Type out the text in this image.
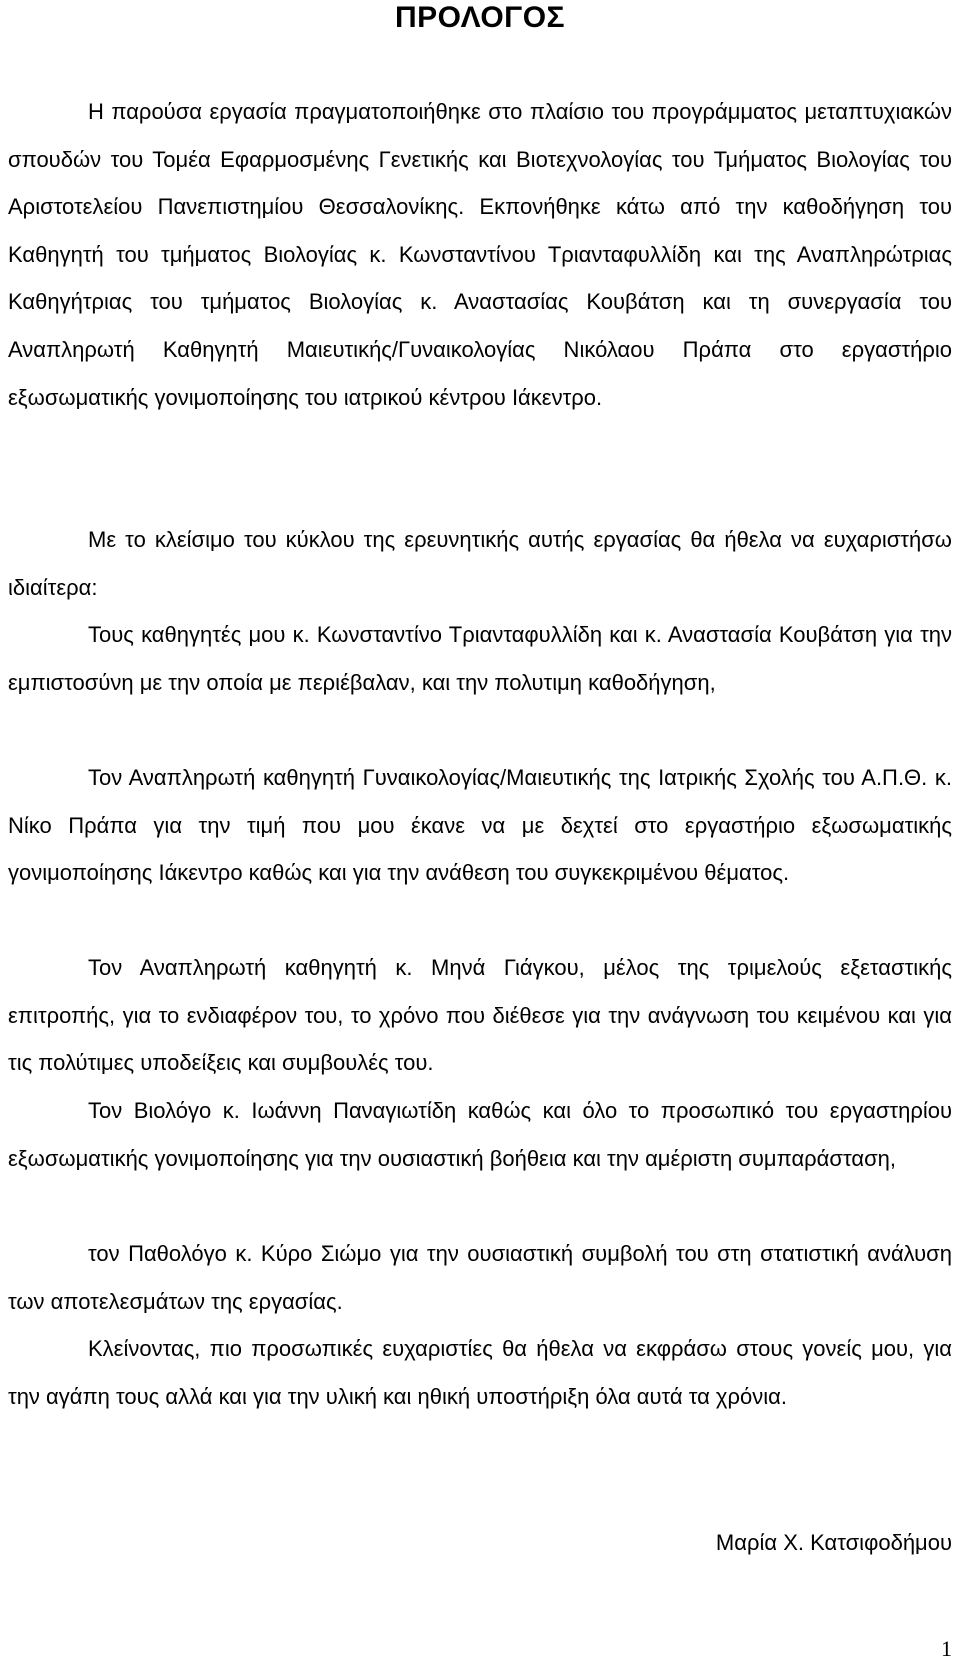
ΠΡΟΛΟΓΟΣ

Η παρούσα εργασία πραγματοποιήθηκε στο πλαίσιο του προγράμματος μεταπτυχιακών σπουδών του Τομέα Εφαρμοσμένης Γενετικής και Βιοτεχνολογίας του Τμήματος Βιολογίας του Αριστοτελείου Πανεπιστημίου Θεσσαλονίκης. Εκπονήθηκε κάτω από την καθοδήγηση του Καθηγητή του τμήματος Βιολογίας κ. Κωνσταντίνου Τριανταφυλλίδη και της Αναπληρώτριας Καθηγήτριας του τμήματος Βιολογίας κ. Αναστασίας Κουβάτση και τη συνεργασία του Αναπληρωτή Καθηγητή Μαιευτικής/Γυναικολογίας Νικόλαου Πράπα στο εργαστήριο εξωσωματικής γονιμοποίησης του ιατρικού κέντρου Ιάκεντρο.

Με το κλείσιμο του κύκλου της ερευνητικής αυτής εργασίας θα ήθελα να ευχαριστήσω ιδιαίτερα:

Τους καθηγητές μου κ. Κωνσταντίνο Τριανταφυλλίδη και κ. Αναστασία Κουβάτση για την εμπιστοσύνη με την οποία με περιέβαλαν, και την πολυτιμη καθοδήγηση,

Τον Αναπληρωτή καθηγητή Γυναικολογίας/Μαιευτικής της Ιατρικής Σχολής του Α.Π.Θ. κ. Νίκο Πράπα για την τιμή που μου έκανε να με δεχτεί στο εργαστήριο εξωσωματικής γονιμοποίησης Ιάκεντρο καθώς και για την ανάθεση του συγκεκριμένου θέματος.

Τον Αναπληρωτή καθηγητή κ. Μηνά Γιάγκου, μέλος της τριμελούς εξεταστικής επιτροπής, για το ενδιαφέρον του, το χρόνο που διέθεσε για την ανάγνωση του κειμένου και για τις πολύτιμες υποδείξεις και συμβουλές του.

Τον Βιολόγο κ. Ιωάννη Παναγιωτίδη καθώς και όλο το προσωπικό του εργαστηρίου εξωσωματικής γονιμοποίησης για την ουσιαστική βοήθεια και την αμέριστη συμπαράσταση,

τον Παθολόγο κ. Κύρο Σιώμο για την ουσιαστική συμβολή του στη στατιστική ανάλυση των αποτελεσμάτων της εργασίας.

Κλείνοντας, πιο προσωπικές ευχαριστίες θα ήθελα να εκφράσω στους γονείς μου, για την αγάπη τους αλλά και για την υλική και ηθική υποστήριξη όλα αυτά τα χρόνια.

Μαρία Χ. Κατσιφοδήμου
1
